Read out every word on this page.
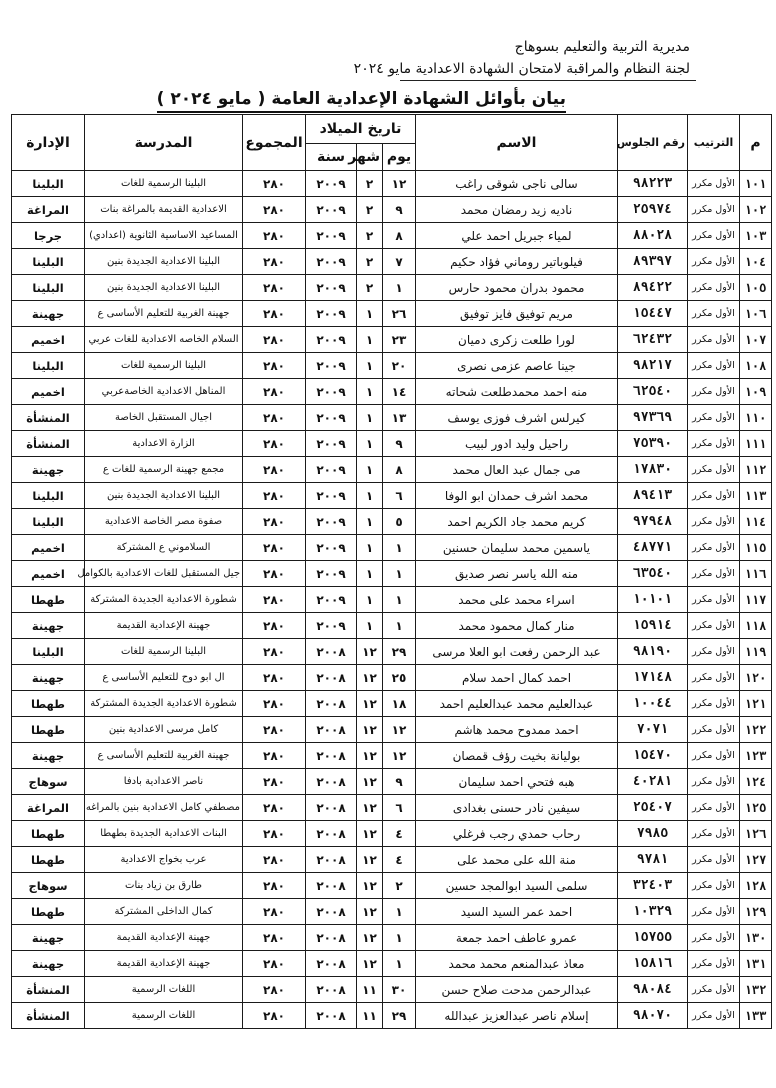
مديرية التربية والتعليم بسوهاج
لجنة النظام والمراقبة لامتحان الشهادة الاعدادية مايو ٢٠٢٤
بيان بأوائل الشهادة الإعدادية العامة ( مايو ٢٠٢٤ )
م	الترتيب	رقم الجلوس	الاسم	تاريخ الميلاد			المجموع	المدرسة	الإدارة
				يوم	شهر	سنة			
١٠١	الأول مكرر	٩٨٢٢٣	سالى ناجى شوقى راغب	١٢	٢	٢٠٠٩	٢٨٠	البلينا الرسمية للغات	البلينا
١٠٢	الأول مكرر	٢٥٩٧٤	ناديه زيد رمضان محمد	٩	٢	٢٠٠٩	٢٨٠	الاعدادية القديمة بالمراغة بنات	المراغة
١٠٣	الأول مكرر	٨٨٠٢٨	لمياء جبريل احمد علي	٨	٢	٢٠٠٩	٢٨٠	المساعيد الاساسية الثانوية (اعدادي)	جرجا
١٠٤	الأول مكرر	٨٩٣٩٧	فيلوباتير روماني فؤاد حكيم	٧	٢	٢٠٠٩	٢٨٠	البلينا الاعدادية الجديدة بنين	البلينا
١٠٥	الأول مكرر	٨٩٤٢٢	محمود بدران محمود حارس	١	٢	٢٠٠٩	٢٨٠	البلينا الاعدادية الجديدة بنين	البلينا
١٠٦	الأول مكرر	١٥٤٤٧	مريم توفيق فايز توفيق	٢٦	١	٢٠٠٩	٢٨٠	جهينة الغربية للتعليم الأساسى ع	جهينة
١٠٧	الأول مكرر	٦٢٤٣٢	لورا طلعت زكرى دميان	٢٣	١	٢٠٠٩	٢٨٠	السلام الخاصه الاعدادية للغات عربي	اخميم
١٠٨	الأول مكرر	٩٨٢١٧	جينا عاصم عزمى نصرى	٢٠	١	٢٠٠٩	٢٨٠	البلينا الرسمية للغات	البلينا
١٠٩	الأول مكرر	٦٢٥٤٠	منه احمد محمدطلعت شحاته	١٤	١	٢٠٠٩	٢٨٠	المناهل الاعدادية الخاصةعربي	اخميم
١١٠	الأول مكرر	٩٧٣٦٩	كيرلس اشرف فوزى يوسف	١٣	١	٢٠٠٩	٢٨٠	اجيال المستقبل الخاصة	المنشأة
١١١	الأول مكرر	٧٥٣٩٠	راحيل وليد ادور لبيب	٩	١	٢٠٠٩	٢٨٠	الزارة الاعدادية	المنشأة
١١٢	الأول مكرر	١٧٨٣٠	مى جمال عبد العال محمد	٨	١	٢٠٠٩	٢٨٠	مجمع جهينة الرسمية للغات ع	جهينة
١١٣	الأول مكرر	٨٩٤١٣	محمد اشرف حمدان ابو الوفا	٦	١	٢٠٠٩	٢٨٠	البلينا الاعدادية الجديدة بنين	البلينا
١١٤	الأول مكرر	٩٧٩٤٨	كريم محمد جاد الكريم احمد	٥	١	٢٠٠٩	٢٨٠	صفوة مصر الخاصة الاعدادية	البلينا
١١٥	الأول مكرر	٤٨٧٧١	ياسمين محمد سليمان حسنين	١	١	٢٠٠٩	٢٨٠	السلاموني ع المشتركة	اخميم
١١٦	الأول مكرر	٦٣٥٤٠	منه الله ياسر نصر صديق	١	١	٢٠٠٩	٢٨٠	جيل المستقبل للغات الاعدادية بالكوامل	اخميم
١١٧	الأول مكرر	١٠١٠١	اسراء محمد على محمد	١	١	٢٠٠٩	٢٨٠	شطورة الاعدادية الجديدة المشتركة	طهطا
١١٨	الأول مكرر	١٥٩١٤	منار كمال محمود محمد	١	١	٢٠٠٩	٢٨٠	جهينة الإعدادية القديمة	جهينة
١١٩	الأول مكرر	٩٨١٩٠	عبد الرحمن رفعت ابو العلا مرسى	٢٩	١٢	٢٠٠٨	٢٨٠	البلينا الرسمية للغات	البلينا
١٢٠	الأول مكرر	١٧١٤٨	احمد كمال احمد سلام	٢٥	١٢	٢٠٠٨	٢٨٠	ال ابو دوح للتعليم الأساسى ع	جهينة
١٢١	الأول مكرر	١٠٠٤٤	عبدالعليم محمد عبدالعليم احمد	١٨	١٢	٢٠٠٨	٢٨٠	شطورة الاعدادية الجديدة المشتركة	طهطا
١٢٢	الأول مكرر	٧٠٧١	احمد ممدوح محمد هاشم	١٢	١٢	٢٠٠٨	٢٨٠	كامل مرسى الاعدادية بنين	طهطا
١٢٣	الأول مكرر	١٥٤٧٠	بوليانة بخيت رؤف قمصان	١٢	١٢	٢٠٠٨	٢٨٠	جهينة الغربية للتعليم الأساسى ع	جهينة
١٢٤	الأول مكرر	٤٠٢٨١	هبه فتحي احمد سليمان	٩	١٢	٢٠٠٨	٢٨٠	ناصر الاعدادية بادفا	سوهاج
١٢٥	الأول مكرر	٢٥٤٠٧	سيفين نادر حسنى بغدادى	٦	١٢	٢٠٠٨	٢٨٠	مصطفي كامل الاعدادية بنين بالمراغه	المراغة
١٢٦	الأول مكرر	٧٩٨٥	رحاب حمدي رجب فرغلي	٤	١٢	٢٠٠٨	٢٨٠	البنات الاعدادية الجديدة بطهطا	طهطا
١٢٧	الأول مكرر	٩٧٨١	منة الله على محمد على	٤	١٢	٢٠٠٨	٢٨٠	عرب بخواج الاعدادية	طهطا
١٢٨	الأول مكرر	٣٢٤٠٣	سلمى السيد ابوالمجد حسين	٢	١٢	٢٠٠٨	٢٨٠	طارق بن زياد بنات	سوهاج
١٢٩	الأول مكرر	١٠٣٢٩	احمد عمر السيد السيد	١	١٢	٢٠٠٨	٢٨٠	كمال الداخلى المشتركة	طهطا
١٣٠	الأول مكرر	١٥٧٥٥	عمرو عاطف احمد جمعة	١	١٢	٢٠٠٨	٢٨٠	جهينة الإعدادية القديمة	جهينة
١٣١	الأول مكرر	١٥٨١٦	معاذ عبدالمنعم محمد محمد	١	١٢	٢٠٠٨	٢٨٠	جهينة الإعدادية القديمة	جهينة
١٣٢	الأول مكرر	٩٨٠٨٤	عبدالرحمن مدحت صلاح حسن	٣٠	١١	٢٠٠٨	٢٨٠	اللغات الرسمية	المنشأة
١٣٣	الأول مكرر	٩٨٠٧٠	إسلام ناصر عبدالعزيز عبدالله	٢٩	١١	٢٠٠٨	٢٨٠	اللغات الرسمية	المنشأة
